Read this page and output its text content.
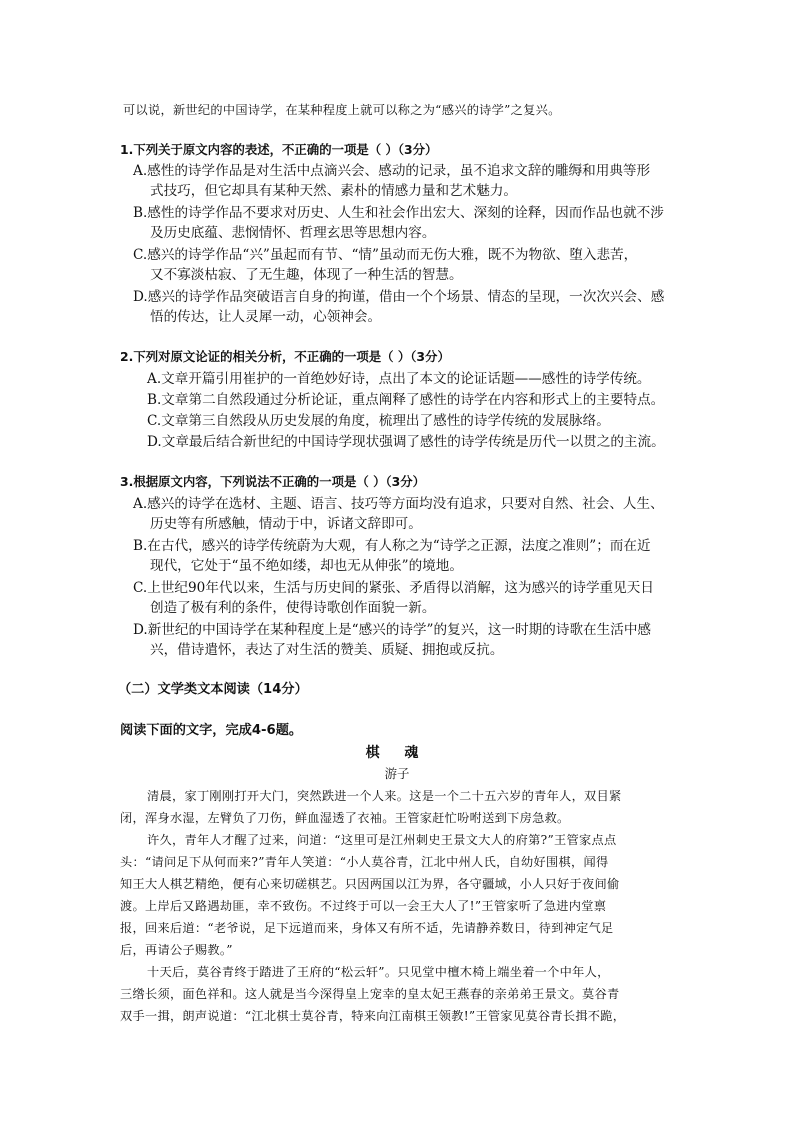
可以说，新世纪的中国诗学，在某种程度上就可以称之为“感兴的诗学”之复兴。
1.下列关于原文内容的表述，不正确的一项是（ ）（3分）
A.感性的诗学作品是对生活中点滴兴会、感动的记录，虽不追求文辞的雕缛和用典等形
式技巧，但它却具有某种天然、素朴的情感力量和艺术魅力。
B.感性的诗学作品不要求对历史、人生和社会作出宏大、深刻的诠释，因而作品也就不涉
及历史底蕴、悲悯情怀、哲理玄思等思想内容。
C.感兴的诗学作品“兴”虽起而有节、“情”虽动而无伤大雅，既不为物欲、堕入悲苦，
又不寡淡枯寂、了无生趣，体现了一种生活的智慧。
D.感兴的诗学作品突破语言自身的拘谨，借由一个个场景、情态的呈现，一次次兴会、感
悟的传达，让人灵犀一动，心领神会。
2.下列对原文论证的相关分析，不正确的一项是（ ）（3分）
A.文章开篇引用崔护的一首绝妙好诗，点出了本文的论证话题——感性的诗学传统。
B.文章第二自然段通过分析论证，重点阐释了感性的诗学在内容和形式上的主要特点。
C.文章第三自然段从历史发展的角度，梳理出了感性的诗学传统的发展脉络。
D.文章最后结合新世纪的中国诗学现状强调了感性的诗学传统是历代一以贯之的主流。
3.根据原文内容，下列说法不正确的一项是（ ）（3分）
A.感兴的诗学在选材、主题、语言、技巧等方面均没有追求，只要对自然、社会、人生、
历史等有所感触，情动于中，诉诸文辞即可。
B.在古代，感兴的诗学传统蔚为大观，有人称之为“诗学之正源，法度之准则”；而在近
现代，它处于“虽不绝如缕，却也无从伸张”的境地。
C.上世纪90年代以来，生活与历史间的紧张、矛盾得以消解，这为感兴的诗学重见天日
创造了极有利的条件，使得诗歌创作面貌一新。
D.新世纪的中国诗学在某种程度上是“感兴的诗学”的复兴，这一时期的诗歌在生活中感
兴，借诗遣怀，表达了对生活的赞美、质疑、拥抱或反抗。
（二）文学类文本阅读（14分）
阅读下面的文字，完成4-6题。
棋 魂
游子
清晨，家丁刚刚打开大门，突然跌进一个人来。这是一个二十五六岁的青年人，双目紧
闭，浑身水湿，左臂负了刀伤，鲜血湿透了衣袖。王管家赶忙吩咐送到下房急救。
许久，青年人才醒了过来，问道：“这里可是江州刺史王景文大人的府第?”王管家点点
头：“请问足下从何而来?”青年人笑道：“小人莫谷青，江北中州人氏，自幼好围棋，闻得
知王大人棋艺精绝，便有心来切磋棋艺。只因两国以江为界，各守疆域，小人只好于夜间偷
渡。上岸后又路遇劫匪，幸不致伤。不过终于可以一会王大人了!”王管家听了急进内堂禀
报，回来后道：“老爷说，足下远道而来，身体又有所不适，先请静养数日，待到神定气足
后，再请公子赐教。”
十天后，莫谷青终于踏进了王府的“松云轩”。只见堂中檀木椅上端坐着一个中年人，
三绺长须，面色祥和。这人就是当今深得皇上宠幸的皇太妃王燕春的亲弟弟王景文。莫谷青
双手一揖，朗声说道：“江北棋士莫谷青，特来向江南棋王领教!”王管家见莫谷青长揖不跪，
